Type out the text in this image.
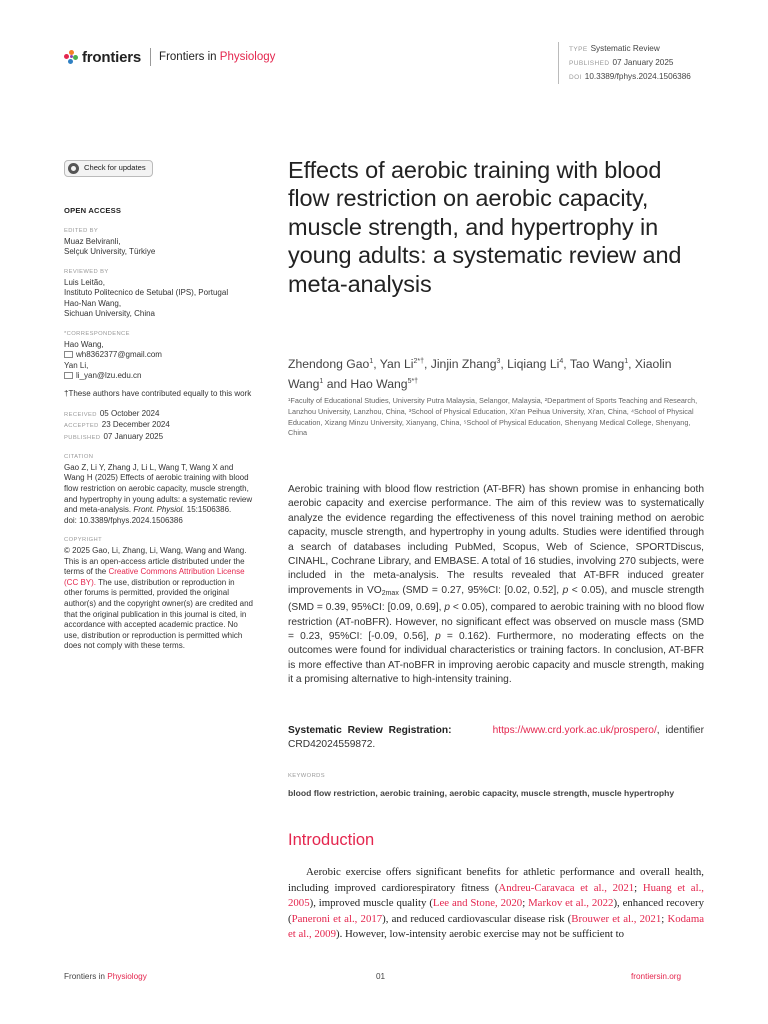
frontiers Frontiers in Physiology
TYPE Systematic Review
PUBLISHED 07 January 2025
DOI 10.3389/fphys.2024.1506386
Check for updates
OPEN ACCESS
EDITED BY
Muaz Belviranli,
Selçuk University, Türkiye
REVIEWED BY
Luis Leitão,
Instituto Politecnico de Setubal (IPS), Portugal
Hao-Nan Wang,
Sichuan University, China
*CORRESPONDENCE
Hao Wang,
wh8362377@gmail.com
Yan Li,
li_yan@lzu.edu.cn
†These authors have contributed equally to this work
RECEIVED 05 October 2024
ACCEPTED 23 December 2024
PUBLISHED 07 January 2025
CITATION
Gao Z, Li Y, Zhang J, Li L, Wang T, Wang X and Wang H (2025) Effects of aerobic training with blood flow restriction on aerobic capacity, muscle strength, and hypertrophy in young adults: a systematic review and meta-analysis. Front. Physiol. 15:1506386.
doi: 10.3389/fphys.2024.1506386
COPYRIGHT
© 2025 Gao, Li, Zhang, Li, Wang, Wang and Wang. This is an open-access article distributed under the terms of the Creative Commons Attribution License (CC BY). The use, distribution or reproduction in other forums is permitted, provided the original author(s) and the copyright owner(s) are credited and that the original publication in this journal is cited, in accordance with accepted academic practice. No use, distribution or reproduction is permitted which does not comply with these terms.
Effects of aerobic training with blood flow restriction on aerobic capacity, muscle strength, and hypertrophy in young adults: a systematic review and meta-analysis
Zhendong Gao$^1$, Yan $Li^{2*\dagger}$, Jinjin Zhang$^3$, Liqiang Li$^4$, Tao Wang$^1$, Xiaolin Wang$^1$ and Hao Wang$^{5*\dagger}$
¹Faculty of Educational Studies, University Putra Malaysia, Selangor, Malaysia, ²Department of Sports Teaching and Research, Lanzhou University, Lanzhou, China, ³School of Physical Education, Xi'an Peihua University, Xi'an, China, ⁴School of Physical Education, Xizang Minzu University, Xianyang, China, ⁵School of Physical Education, Shenyang Medical College, Shenyang, China
Aerobic training with blood flow restriction (AT-BFR) has shown promise in enhancing both aerobic capacity and exercise performance. The aim of this review was to systematically analyze the evidence regarding the effectiveness of this novel training method on aerobic capacity, muscle strength, and hypertrophy in young adults. Studies were identified through a search of databases including PubMed, Scopus, Web of Science, SPORTDiscus, CINAHL, Cochrane Library, and EMBASE. A total of 16 studies, involving 270 subjects, were included in the meta-analysis. The results revealed that AT-BFR induced greater improvements in $VO_{2max}$ (SMD = 0.27, 95%CI: [0.02, 0.52], p < 0.05), and muscle strength (SMD = 0.39, 95%CI: [0.09, 0.69], p < 0.05), compared to aerobic training with no blood flow restriction (AT-noBFR). However, no significant effect was observed on muscle mass (SMD = 0.23, 95%CI: [-0.09, 0.56], p = 0.162). Furthermore, no moderating effects on the outcomes were found for individual characteristics or training factors. In conclusion, AT-BFR is more effective than AT-noBFR in improving aerobic capacity and muscle strength, making it a promising alternative to high-intensity training.
Systematic Review Registration:	https://www.crd.york.ac.uk/prospero/, identifier CRD42024559872.
KEYWORDS
blood flow restriction, aerobic training, aerobic capacity, muscle strength, muscle hypertrophy
Introduction

Aerobic exercise offers significant benefits for athletic performance and overall health, including improved cardiorespiratory fitness (Andreu-Caravaca et al., 2021; Huang et al., 2005), improved muscle quality (Lee and Stone, 2020; Markov et al., 2022), enhanced recovery (Paneroni et al., 2017), and reduced cardiovascular disease risk (Brouwer et al., 2021; Kodama et al., 2009). However, low-intensity aerobic exercise may not be sufficient to

Frontiers in Physiology	01	frontiersin.org
